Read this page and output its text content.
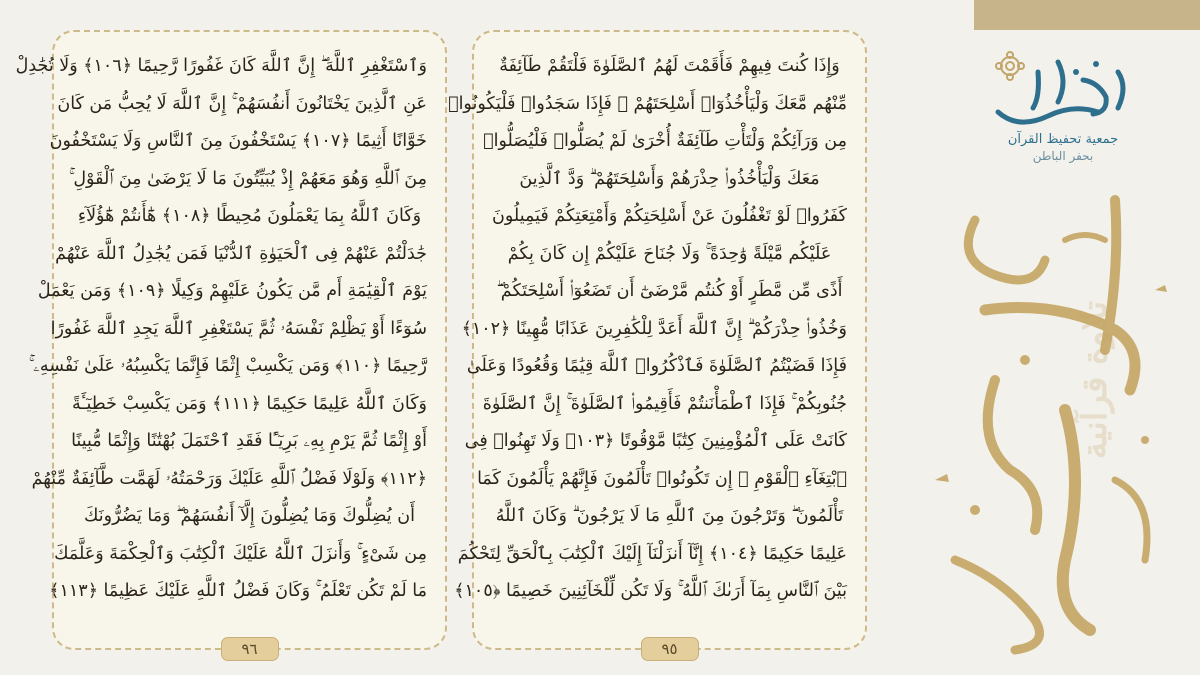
وَٱسْتَغْفِرِ ٱللَّهَ ۖ إِنَّ ٱللَّهَ كَانَ غَفُورًا رَّحِيمًا ﴿١٠٦﴾ وَلَا تُجَٰدِلْ
عَنِ ٱلَّذِينَ يَخْتَانُونَ أَنفُسَهُمْ ۚ إِنَّ ٱللَّهَ لَا يُحِبُّ مَن كَانَ
خَوَّانًا أَثِيمًا ﴿١٠٧﴾ يَسْتَخْفُونَ مِنَ ٱلنَّاسِ وَلَا يَسْتَخْفُونَ
مِنَ ٱللَّهِ وَهُوَ مَعَهُمْ إِذْ يُبَيِّتُونَ مَا لَا يَرْضَىٰ مِنَ ٱلْقَوْلِ ۚ
وَكَانَ ٱللَّهُ بِمَا يَعْمَلُونَ مُحِيطًا ﴿١٠٨﴾ هَٰٓأَنتُمْ هَٰٓؤُلَآءِ
جَٰدَلْتُمْ عَنْهُمْ فِى ٱلْحَيَوٰةِ ٱلدُّنْيَا فَمَن يُجَٰدِلُ ٱللَّهَ عَنْهُمْ
يَوْمَ ٱلْقِيَٰمَةِ أَم مَّن يَكُونُ عَلَيْهِمْ وَكِيلًا ﴿١٠٩﴾ وَمَن يَعْمَلْ
سُوٓءًا أَوْ يَظْلِمْ نَفْسَهُۥ ثُمَّ يَسْتَغْفِرِ ٱللَّهَ يَجِدِ ٱللَّهَ غَفُورًا
رَّحِيمًا ﴿١١٠﴾ وَمَن يَكْسِبْ إِثْمًا فَإِنَّمَا يَكْسِبُهُۥ عَلَىٰ نَفْسِهِۦ ۚ
وَكَانَ ٱللَّهُ عَلِيمًا حَكِيمًا ﴿١١١﴾ وَمَن يَكْسِبْ خَطِيٓـَٔةً
أَوْ إِثْمًا ثُمَّ يَرْمِ بِهِۦ بَرِيٓـًٔا فَقَدِ ٱحْتَمَلَ بُهْتَٰنًا وَإِثْمًا مُّبِينًا
﴿١١٢﴾ وَلَوْلَا فَضْلُ ٱللَّهِ عَلَيْكَ وَرَحْمَتُهُۥ لَهَمَّت طَّآئِفَةٌ مِّنْهُمْ
أَن يُضِلُّوكَ وَمَا يُضِلُّونَ إِلَّآ أَنفُسَهُمْ ۖ وَمَا يَضُرُّونَكَ
مِن شَىْءٍ ۚ وَأَنزَلَ ٱللَّهُ عَلَيْكَ ٱلْكِتَٰبَ وَٱلْحِكْمَةَ وَعَلَّمَكَ
مَا لَمْ تَكُن تَعْلَمُ ۚ وَكَانَ فَضْلُ ٱللَّهِ عَلَيْكَ عَظِيمًا ﴿١١٣﴾
٩٦
وَإِذَا كُنتَ فِيهِمْ فَأَقَمْتَ لَهُمُ ٱلصَّلَوٰةَ فَلْتَقُمْ طَآئِفَةٌ
مِّنْهُم مَّعَكَ وَلْيَأْخُذُوٓا۟ أَسْلِحَتَهُمْ ۖ فَإِذَا سَجَدُوا۟ فَلْيَكُونُوا۟
مِن وَرَآئِكُمْ وَلْتَأْتِ طَآئِفَةٌ أُخْرَىٰ لَمْ يُصَلُّوا۟ فَلْيُصَلُّوا۟
مَعَكَ وَلْيَأْخُذُوا۟ حِذْرَهُمْ وَأَسْلِحَتَهُمْ ۗ وَدَّ ٱلَّذِينَ
كَفَرُوا۟ لَوْ تَغْفُلُونَ عَنْ أَسْلِحَتِكُمْ وَأَمْتِعَتِكُمْ فَيَمِيلُونَ
عَلَيْكُم مَّيْلَةً وَٰحِدَةً ۚ وَلَا جُنَاحَ عَلَيْكُمْ إِن كَانَ بِكُمْ
أَذًى مِّن مَّطَرٍ أَوْ كُنتُم مَّرْضَىٰٓ أَن تَضَعُوٓا۟ أَسْلِحَتَكُمْ ۖ
وَخُذُوا۟ حِذْرَكُمْ ۗ إِنَّ ٱللَّهَ أَعَدَّ لِلْكَٰفِرِينَ عَذَابًا مُّهِينًا ﴿١٠٢﴾
فَإِذَا قَضَيْتُمُ ٱلصَّلَوٰةَ فَٱذْكُرُوا۟ ٱللَّهَ قِيَٰمًا وَقُعُودًا وَعَلَىٰ
جُنُوبِكُمْ ۚ فَإِذَا ٱطْمَأْنَنتُمْ فَأَقِيمُوا۟ ٱلصَّلَوٰةَ ۚ إِنَّ ٱلصَّلَوٰةَ
كَانَتْ عَلَى ٱلْمُؤْمِنِينَ كِتَٰبًا مَّوْقُوتًا ﴿١٠٣﴾ وَلَا تَهِنُوا۟ فِى
ٱبْتِغَآءِ ٱلْقَوْمِ ۖ إِن تَكُونُوا۟ تَأْلَمُونَ فَإِنَّهُمْ يَأْلَمُونَ كَمَا
تَأْلَمُونَ ۖ وَتَرْجُونَ مِنَ ٱللَّهِ مَا لَا يَرْجُونَ ۗ وَكَانَ ٱللَّهُ
عَلِيمًا حَكِيمًا ﴿١٠٤﴾ إِنَّآ أَنزَلْنَآ إِلَيْكَ ٱلْكِتَٰبَ بِٱلْحَقِّ لِتَحْكُمَ
بَيْنَ ٱلنَّاسِ بِمَآ أَرَىٰكَ ٱللَّهُ ۚ وَلَا تَكُن لِّلْخَآئِنِينَ خَصِيمًا ﴿١٠٥﴾
٩٥
جمعية تحفيظ القرآن
بحفر الباطن
تلاوة قرآنية
